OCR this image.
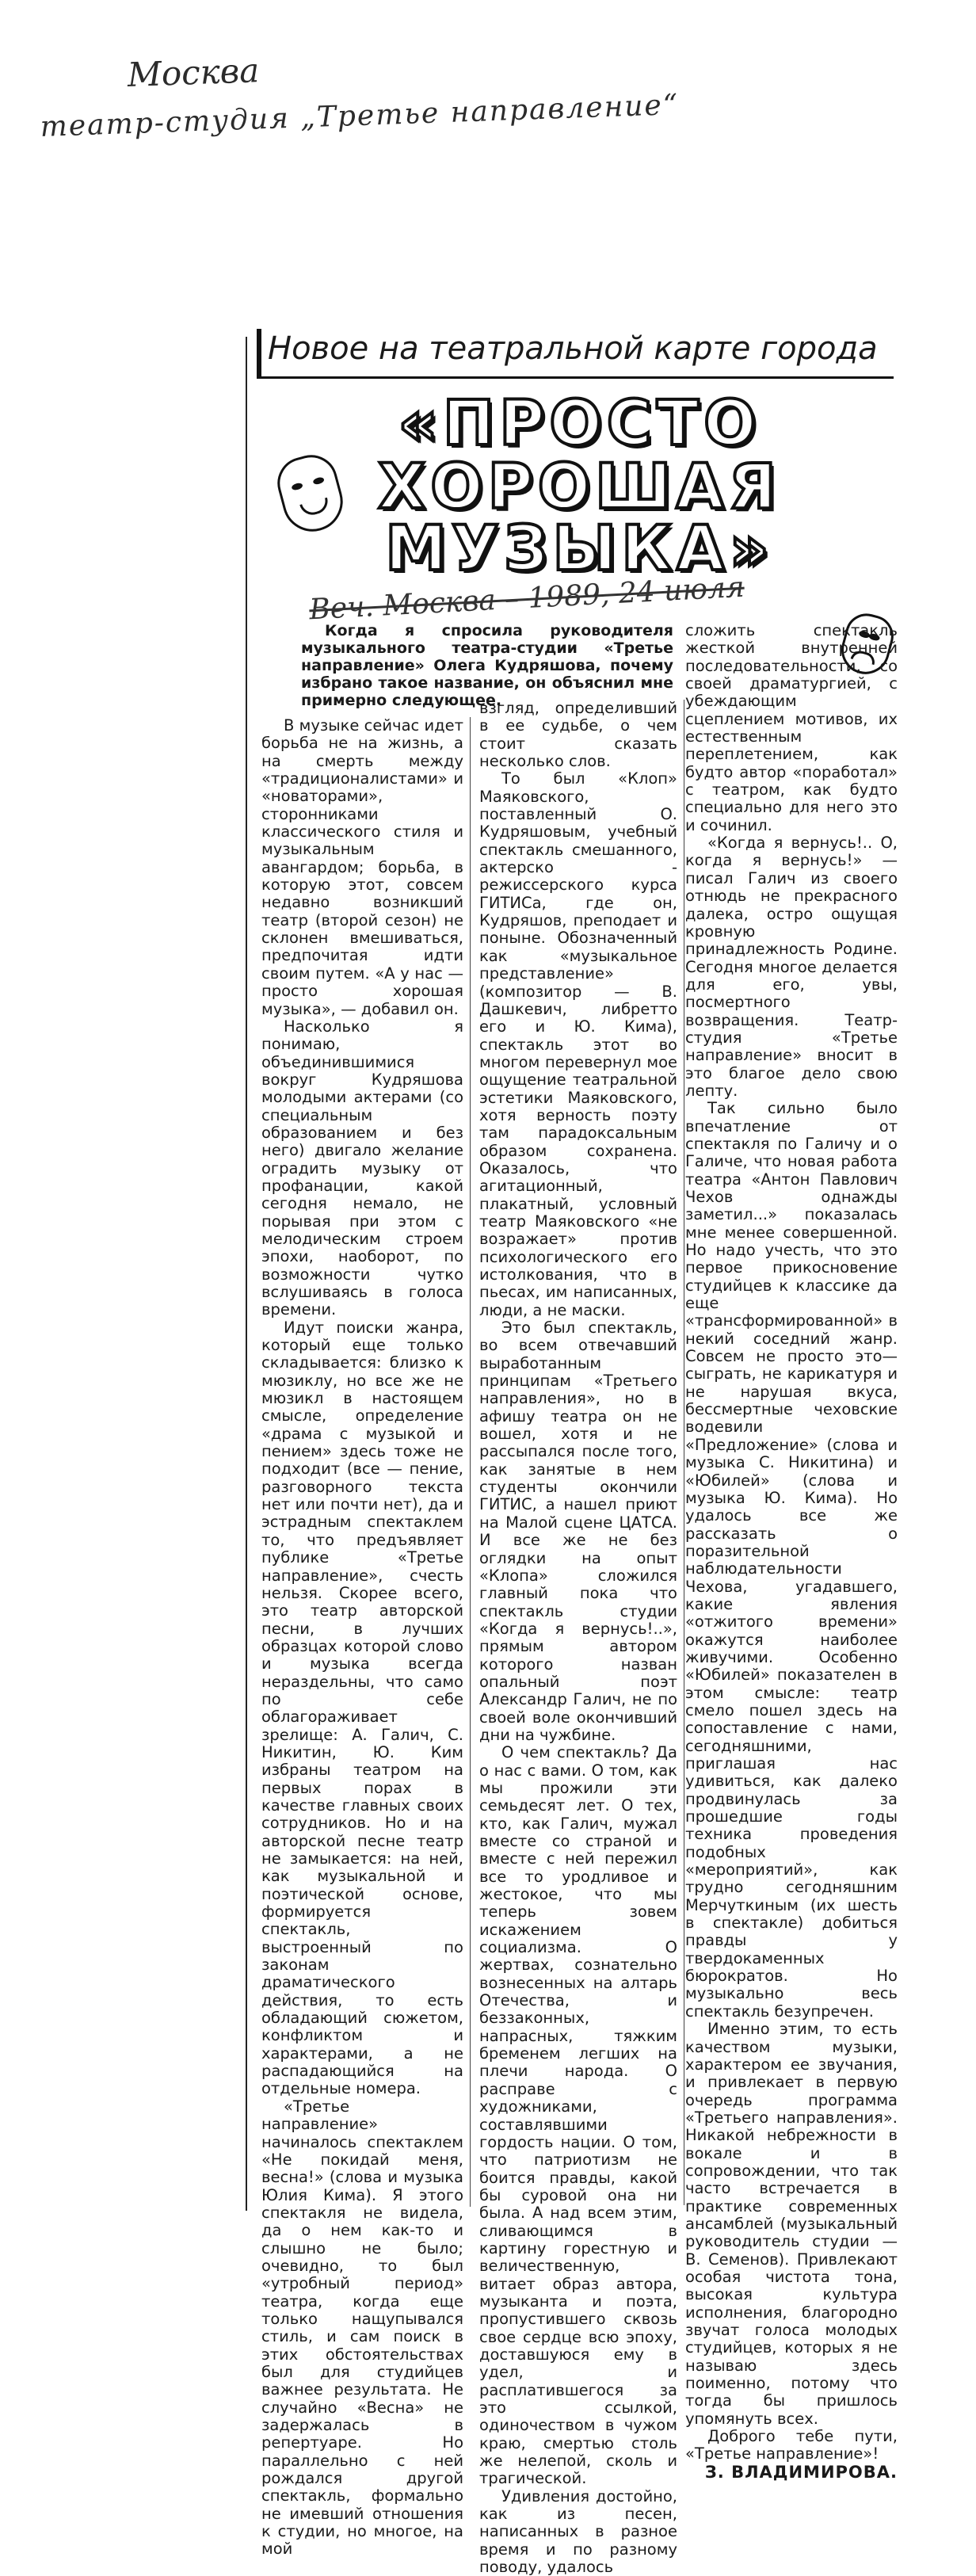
Москва
театр-студия „Третье направление“
Новое на театральной карте города
«ПРОСТО
ХОРОШАЯ
МУЗЫКА»
Веч. Москва – 1989, 24 июля
Когда я спросила руководителя музыкального театра-студии «Третье направление» Олега Кудряшова, почему избрано такое название, он объяснил мне примерно следующее.

В музыке сейчас идет борьба не на жизнь, а на смерть между «традиционалистами» и «новаторами», сторонниками классического стиля и музыкальным авангардом; борьба, в которую этот, совсем недавно возникший театр (второй сезон) не склонен вмешиваться, предпочитая идти своим путем. «А у нас — просто хорошая музыка», — добавил он.

Насколько я понимаю, объединившимися вокруг Кудряшова молодыми актерами (со специальным образованием и без него) двигало желание оградить музыку от профанации, какой сегодня немало, не порывая при этом с мелодическим строем эпохи, наоборот, по возможности чутко вслушиваясь в голоса времени.

Идут поиски жанра, который еще только складывается: близко к мюзиклу, но все же не мюзикл в настоящем смысле, определение «драма с музыкой и пением» здесь тоже не подходит (все — пение, разговорного текста нет или почти нет), да и эстрадным спектаклем то, что предъявляет публике «Третье направление», счесть нельзя. Скорее всего, это театр авторской песни, в лучших образцах которой слово и музыка всегда нераздельны, что само по себе облагораживает зрелище: А. Галич, С. Никитин, Ю. Ким избраны театром на первых порах в качестве главных своих сотрудников. Но и на авторской песне театр не замыкается: на ней, как музыкальной и поэтической основе, формируется спектакль, выстроенный по законам драматического действия, то есть обладающий сюжетом, конфликтом и характерами, а не распадающийся на отдельные номера.

«Третье направление» начиналось спектаклем «Не покидай меня, весна!» (слова и музыка Юлия Кима). Я этого спектакля не видела, да о нем как-то и слышно не было; очевидно, то был «утробный период» театра, когда еще только нащупывался стиль, и сам поиск в этих обстоятельствах был для студийцев важнее результата. Не случайно «Весна» не задержалась в репертуаре. Но параллельно с ней рождался другой спектакль, формально не имевший отношения к студии, но многое, на мой

взгляд, определивший в ее судьбе, о чем стоит сказать несколько слов.

То был «Клоп» Маяковского, поставленный О. Кудряшовым, учебный спектакль смешанного, актерско - режиссерского курса ГИТИСа, где он, Кудряшов, преподает и поныне. Обозначенный как «музыкальное представление» (композитор — В. Дашкевич, либретто его и Ю. Кима), спектакль этот во многом перевернул мое ощущение театральной эстетики Маяковского, хотя верность поэту там парадоксальным образом сохранена. Оказалось, что агитационный, плакатный, условный театр Маяковского «не возражает» против психологического его истолкования, что в пьесах, им написанных, люди, а не маски.

Это был спектакль, во всем отвечавший выработанным принципам «Третьего направления», но в афишу театра он не вошел, хотя и не рассыпался после того, как занятые в нем студенты окончили ГИТИС, а нашел приют на Малой сцене ЦАТСА. И все же не без оглядки на опыт «Клопа» сложился главный пока что спектакль студии «Когда я вернусь!..», прямым автором которого назван опальный поэт Александр Галич, не по своей воле окончивший дни на чужбине.

О чем спектакль? Да о нас с вами. О том, как мы прожили эти семьдесят лет. О тех, кто, как Галич, мужал вместе со страной и вместе с ней пережил все то уродливое и жестокое, что мы теперь зовем искажением социализма. О жертвах, сознательно вознесенных на алтарь Отечества, и беззаконных, напрасных, тяжким бременем легших на плечи народа. О расправе с художниками, составлявшими гордость нации. О том, что патриотизм не боится правды, какой бы суровой она ни была. А над всем этим, сливающимся в картину горестную и величественную, витает образ автора, музыканта и поэта, пропустившего сквозь свое сердце всю эпоху, доставшуюся ему в удел, и расплатившегося за это ссылкой, одиночеством в чужом краю, смертью столь же нелепой, сколь и трагической.

Удивления достойно, как из песен, написанных в разное время и по разному поводу, удалось

сложить спектакль жесткой внутренней последовательности, со своей драматургией, с убеждающим сцеплением мотивов, их естественным переплетением, как будто автор «поработал» с театром, как будто специально для него это и сочинил.

«Когда я вернусь!.. О, когда я вернусь!» — писал Галич из своего отнюдь не прекрасного далека, остро ощущая кровную принадлежность Родине. Сегодня многое делается для его, увы, посмертного возвращения. Театр-студия «Третье направление» вносит в это благое дело свою лепту.

Так сильно было впечатление от спектакля по Галичу и о Галиче, что новая работа театра «Антон Павлович Чехов однажды заметил...» показалась мне менее совершенной. Но надо учесть, что это первое прикосновение студийцев к классике да еще «трансформированной» в некий соседний жанр. Совсем не просто это—сыграть, не карикатуря и не нарушая вкуса, бессмертные чеховские водевили «Предложение» (слова и музыка С. Никитина) и «Юбилей» (слова и музыка Ю. Кима). Но удалось все же рассказать о поразительной наблюдательности Чехова, угадавшего, какие явления «отжитого времени» окажутся наиболее живучими. Особенно «Юбилей» показателен в этом смысле: театр смело пошел здесь на сопоставление с нами, сегодняшними, приглашая нас удивиться, как далеко продвинулась за прошедшие годы техника проведения подобных «мероприятий», как трудно сегодняшним Мерчуткиным (их шесть в спектакле) добиться правды у твердокаменных бюрократов. Но музыкально весь спектакль безупречен.

Именно этим, то есть качеством музыки, характером ее звучания, и привлекает в первую очередь программа «Третьего направления». Никакой небрежности в вокале и в сопровождении, что так часто встречается в практике современных ансамблей (музыкальный руководитель студии — В. Семенов). Привлекают особая чистота тона, высокая культура исполнения, благородно звучат голоса молодых студийцев, которых я не называю здесь поименно, потому что тогда бы пришлось упомянуть всех.

Доброго тебе пути, «Третье направление»!

З. ВЛАДИМИРОВА.
